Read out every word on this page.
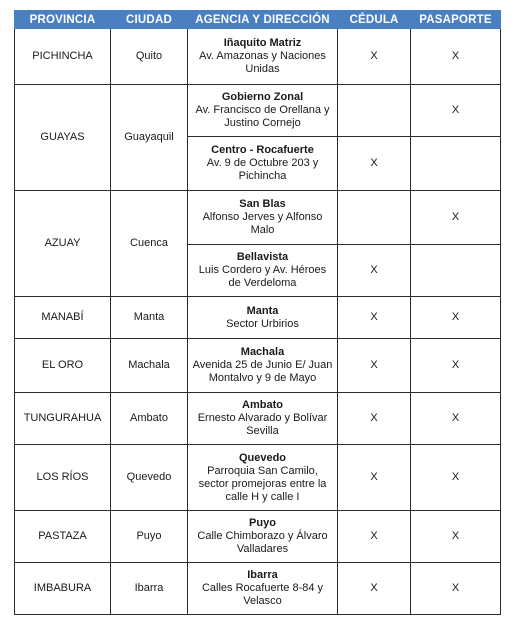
PROVINCIA	CIUDAD	AGENCIA Y DIRECCIÓN	CÉDULA	PASAPORTE
PICHINCHA	Quito	Iñaquito Matriz
Av. Amazonas y Naciones Unidas	X	X
GUAYAS	Guayaquil	Gobierno Zonal
Av. Francisco de Orellana y Justino Cornejo		X

		Centro - Rocafuerte
Av. 9 de Octubre 203 y Pichincha	X	
AZUAY	Cuenca	San Blas
Alfonso Jerves y Alfonso Malo		X

		Bellavista
Luis Cordero y Av. Héroes de Verdeloma	X	
MANABÍ	Manta	Manta
Sector Urbirios	X	X
EL ORO	Machala	Machala
Avenida 25 de Junio E/ Juan Montalvo y 9 de Mayo	X	X
TUNGURAHUA	Ambato	Ambato
Ernesto Alvarado y Bolívar Sevilla	X	X
LOS RÍOS	Quevedo	Quevedo
Parroquia San Camilo, sector promejoras entre la calle H y calle I	X	X
PASTAZA	Puyo	Puyo
Calle Chimborazo y Álvaro Valladares	X	X
IMBABURA	Ibarra	Ibarra
Calles Rocafuerte 8-84 y Velasco	X	X
